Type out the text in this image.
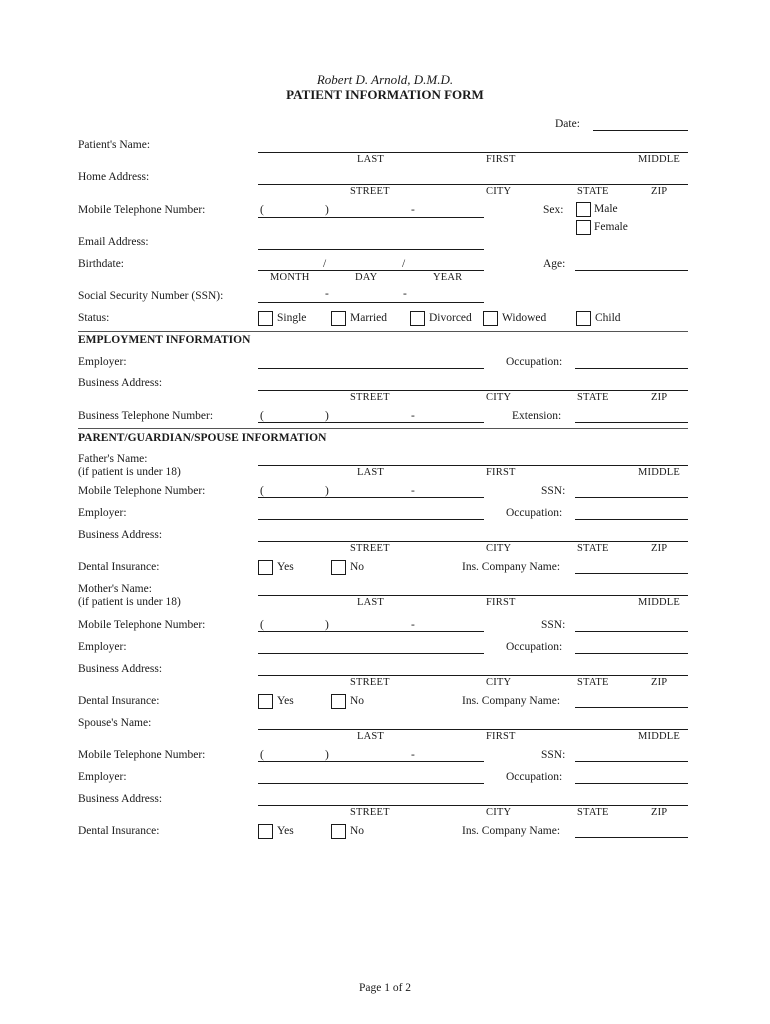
Robert D. Arnold, D.M.D.
PATIENT INFORMATION FORM
Date:
Patient's Name:
LAST	FIRST	MIDDLE
Home Address:
STREET	CITY	STATE	ZIP
Mobile Telephone Number:	(	)	-	Sex:	Male
Female
Email Address:
Birthdate:	/	/
MONTH	DAY	YEAR
Age:
Social Security Number (SSN):	-	-
Status:	Single	Married	Divorced	Widowed	Child
EMPLOYMENT INFORMATION
Employer:	Occupation:
Business Address:
STREET	CITY	STATE	ZIP
Business Telephone Number:	(	)	-	Extension:
PARENT/GUARDIAN/SPOUSE INFORMATION
Father's Name:
(if patient is under 18)	LAST	FIRST	MIDDLE
Mobile Telephone Number:	(	)	-	SSN:
Employer:	Occupation:
Business Address:
STREET	CITY	STATE	ZIP
Dental Insurance:	Yes	No	Ins. Company Name:
Mother's Name:
(if patient is under 18)	LAST	FIRST	MIDDLE
Mobile Telephone Number:	(	)	-	SSN:
Employer:	Occupation:
Business Address:
STREET	CITY	STATE	ZIP
Dental Insurance:	Yes	No	Ins. Company Name:
Spouse's Name:
LAST	FIRST	MIDDLE
Mobile Telephone Number:	(	)	-	SSN:
Employer:	Occupation:
Business Address:
STREET	CITY	STATE	ZIP
Dental Insurance:	Yes	No	Ins. Company Name:
Page 1 of 2
